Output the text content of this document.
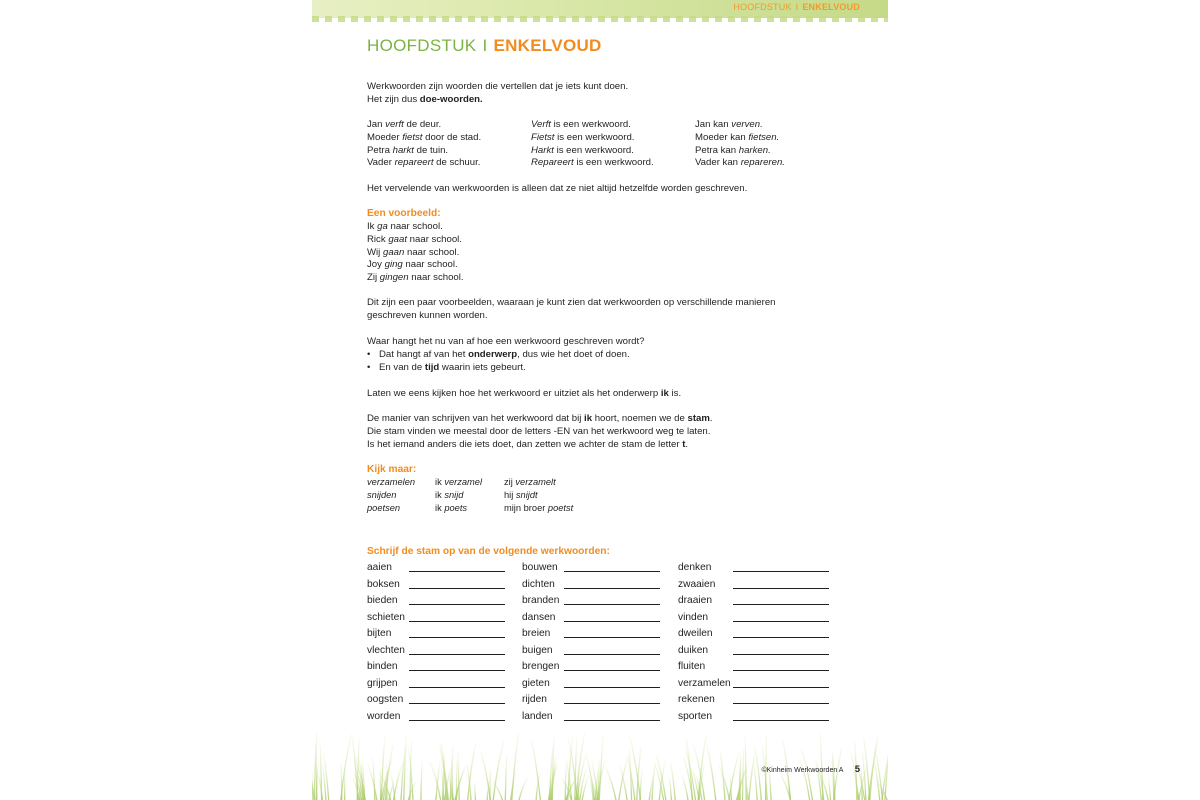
HOOFDSTUK I ENKELVOUD
HOOFDSTUK I ENKELVOUD
Werkwoorden zijn woorden die vertellen dat je iets kunt doen.
Het zijn dus doe-woorden.
Jan verft de deur.
Moeder fietst door de stad.
Petra harkt de tuin.
Vader repareert de schuur.
Verft is een werkwoord.
Fietst is een werkwoord.
Harkt is een werkwoord.
Repareert is een werkwoord.
Jan kan verven.
Moeder kan fietsen.
Petra kan harken.
Vader kan repareren.
Het vervelende van werkwoorden is alleen dat ze niet altijd hetzelfde worden geschreven.
Een voorbeeld:
Ik ga naar school.
Rick gaat naar school.
Wij gaan naar school.
Joy ging naar school.
Zij gingen naar school.
Dit zijn een paar voorbeelden, waaraan je kunt zien dat werkwoorden op verschillende manieren
geschreven kunnen worden.
Waar hangt het nu van af hoe een werkwoord geschreven wordt?
• Dat hangt af van het onderwerp, dus wie het doet of doen.
• En van de tijd waarin iets gebeurt.
Laten we eens kijken hoe het werkwoord er uitziet als het onderwerp ik is.
De manier van schrijven van het werkwoord dat bij ik hoort, noemen we de stam.
Die stam vinden we meestal door de letters -EN van het werkwoord weg te laten.
Is het iemand anders die iets doet, dan zetten we achter de stam de letter t.
Kijk maar:
verzamelen
snijden
poetsen
ik verzamel
ik snijd
ik poets
zij verzamelt
hij snijdt
mijn broer poetst
Schrijf de stam op van de volgende werkwoorden:
aaien
boksen
bieden
schieten
bijten
vlechten
binden
grijpen
oogsten
worden
bouwen
dichten
branden
dansen
breien
buigen
brengen
gieten
rijden
landen
denken
zwaaien
draaien
vinden
dweilen
duiken
fluiten
verzamelen
rekenen
sporten
©Kinheim Werkwoorden A 5
